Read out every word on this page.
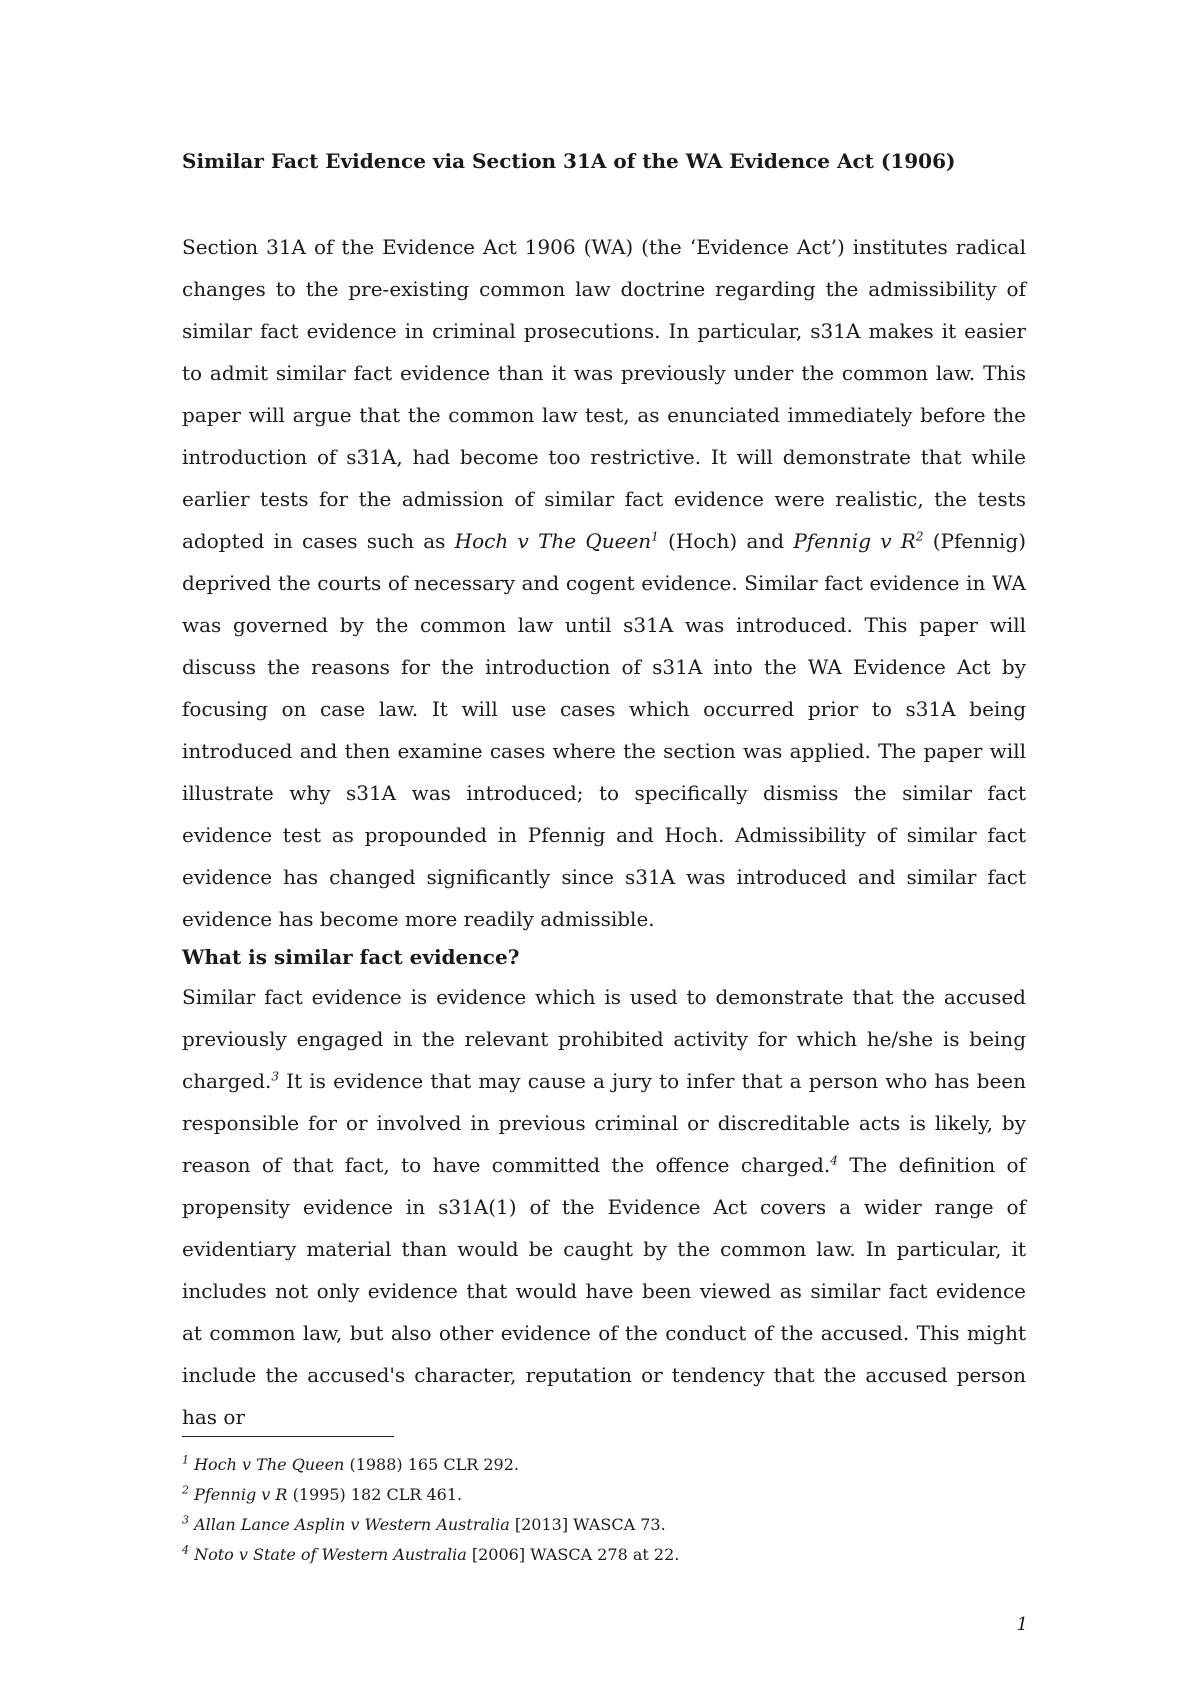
Similar Fact Evidence via Section 31A of the WA Evidence Act (1906)

Section 31A of the Evidence Act 1906 (WA) (the ‘Evidence Act’) institutes radical changes to the pre-existing common law doctrine regarding the admissibility of similar fact evidence in criminal prosecutions. In particular, s31A makes it easier to admit similar fact evidence than it was previously under the common law. This paper will argue that the common law test, as enunciated immediately before the introduction of s31A, had become too restrictive. It will demonstrate that while earlier tests for the admission of similar fact evidence were realistic, the tests adopted in cases such as Hoch v The Queen$^1$ (Hoch) and Pfennig v R$^2$ (Pfennig) deprived the courts of necessary and cogent evidence. Similar fact evidence in WA was governed by the common law until s31A was introduced. This paper will discuss the reasons for the introduction of s31A into the WA Evidence Act by focusing on case law. It will use cases which occurred prior to s31A being introduced and then examine cases where the section was applied. The paper will illustrate why s31A was introduced; to specifically dismiss the similar fact evidence test as propounded in Pfennig and Hoch. Admissibility of similar fact evidence has changed significantly since s31A was introduced and similar fact evidence has become more readily admissible.

What is similar fact evidence?

Similar fact evidence is evidence which is used to demonstrate that the accused previously engaged in the relevant prohibited activity for which he/she is being charged.$^3$ It is evidence that may cause a jury to infer that a person who has been responsible for or involved in previous criminal or discreditable acts is likely, by reason of that fact, to have committed the offence charged.$^4$ The definition of propensity evidence in s31A(1) of the Evidence Act covers a wider range of evidentiary material than would be caught by the common law. In particular, it includes not only evidence that would have been viewed as similar fact evidence at common law, but also other evidence of the conduct of the accused. This might include the accused's character, reputation or tendency that the accused person has or

$^1$ Hoch v The Queen (1988) 165 CLR 292.

$^2$ Pfennig v R (1995) 182 CLR 461.

$^3$ Allan Lance Asplin v Western Australia [2013] WASCA 73.

$^4$ Noto v State of Western Australia [2006] WASCA 278 at 22.

1
